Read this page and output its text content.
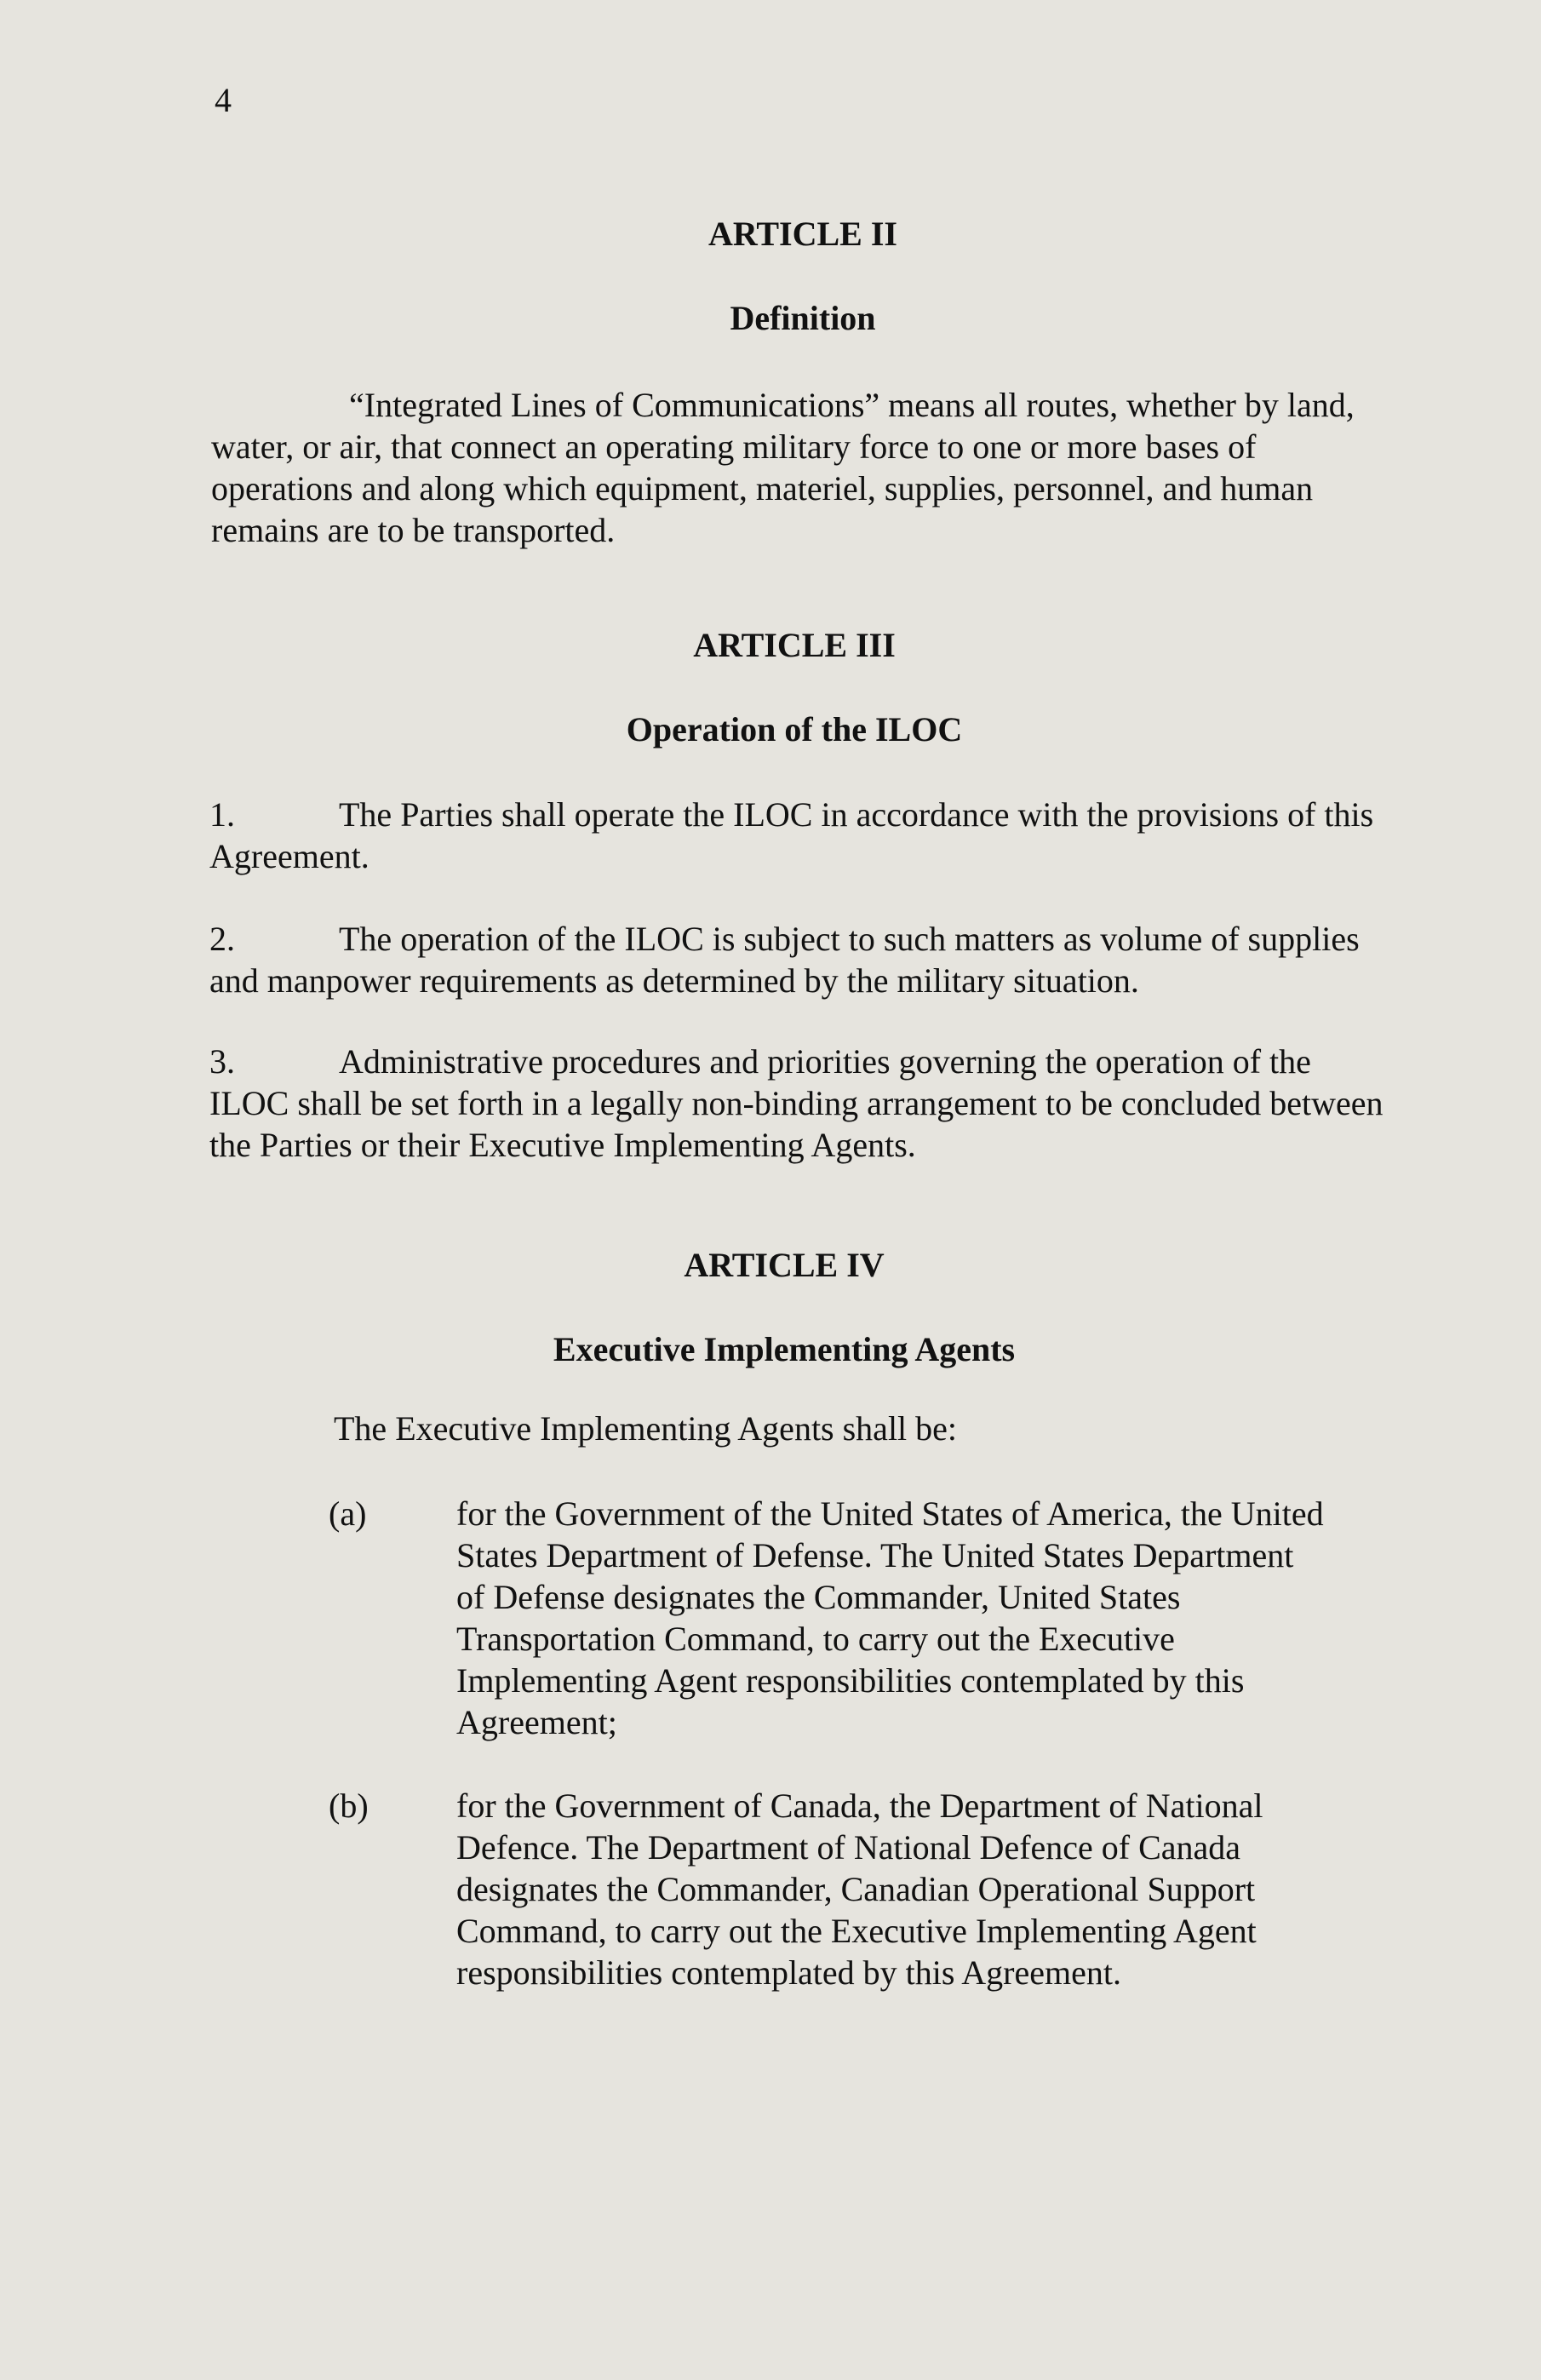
4
ARTICLE II
Definition
“Integrated Lines of Communications” means all routes, whether by land, water, or air, that connect an operating military force to one or more bases of operations and along which equipment, materiel, supplies, personnel, and human remains are to be transported.
ARTICLE III
Operation of the ILOC
1.	The Parties shall operate the ILOC in accordance with the provisions of this Agreement.
2.	The operation of the ILOC is subject to such matters as volume of supplies and manpower requirements as determined by the military situation.
3.	Administrative procedures and priorities governing the operation of the ILOC shall be set forth in a legally non-binding arrangement to be concluded between the Parties or their Executive Implementing Agents.
ARTICLE IV
Executive Implementing Agents
The Executive Implementing Agents shall be:
(a)	for the Government of the United States of America, the United States Department of Defense. The United States Department of Defense designates the Commander, United States Transportation Command, to carry out the Executive Implementing Agent responsibilities contemplated by this Agreement;
(b)	for the Government of Canada, the Department of National Defence. The Department of National Defence of Canada designates the Commander, Canadian Operational Support Command, to carry out the Executive Implementing Agent responsibilities contemplated by this Agreement.
